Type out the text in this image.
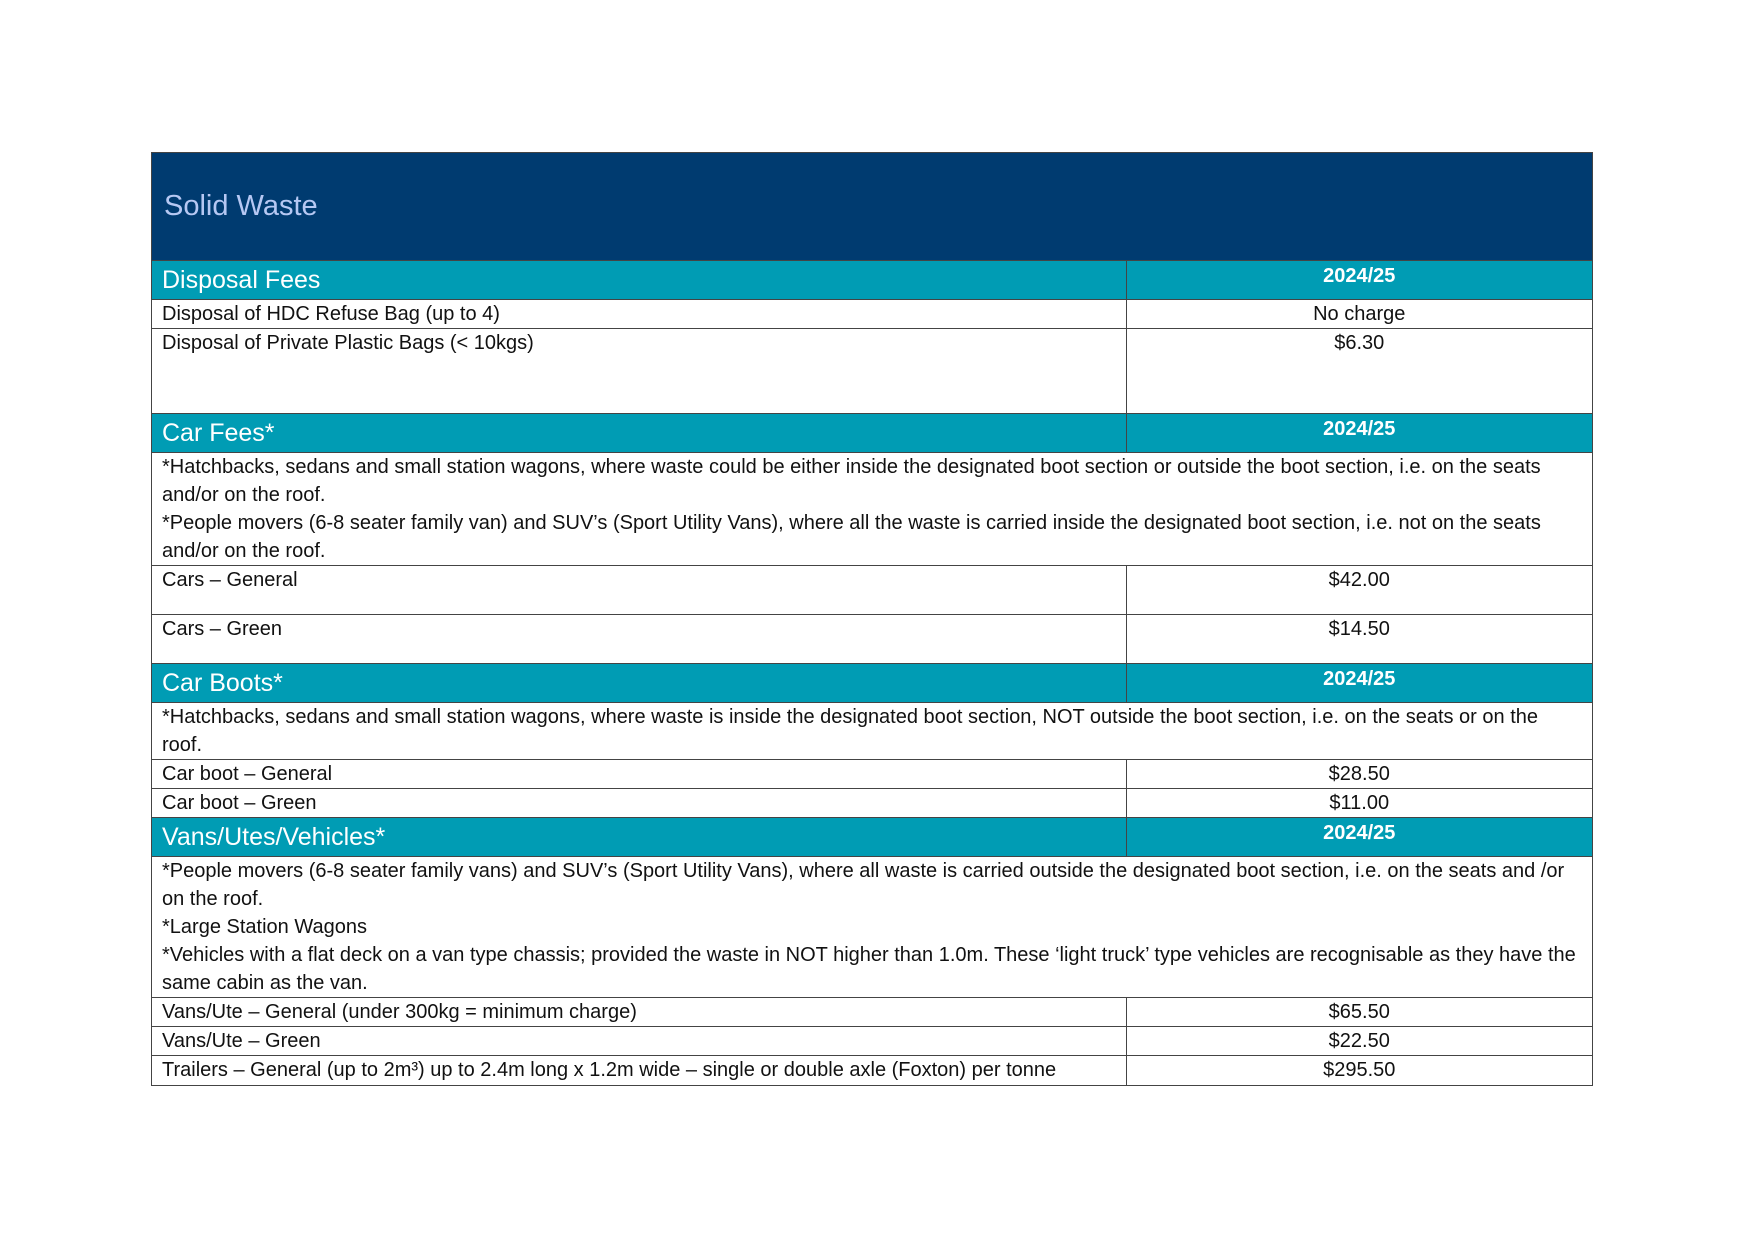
Solid Waste
Disposal Fees	2024/25
Disposal of HDC Refuse Bag (up to 4)	No charge
Disposal of Private Plastic Bags (< 10kgs)	$6.30
Car Fees*	2024/25

*Hatchbacks, sedans and small station wagons, where waste could be either inside the designated boot section or outside the boot section, i.e. on the seats and/or on the roof.

*People movers (6-8 seater family van) and SUV’s (Sport Utility Vans), where all the waste is carried inside the designated boot section, i.e. not on the seats and/or on the roof.	

Cars – General	$42.00
Cars – Green	$14.50
Car Boots*	2024/25

*Hatchbacks, sedans and small station wagons, where waste is inside the designated boot section, NOT outside the boot section, i.e. on the seats or on the roof.	

Car boot – General	$28.50
Car boot – Green	$11.00
Vans/Utes/Vehicles*	2024/25

*People movers (6-8 seater family vans) and SUV’s (Sport Utility Vans), where all waste is carried outside the designated boot section, i.e. on the seats and /or on the roof.

*Large Station Wagons

*Vehicles with a flat deck on a van type chassis; provided the waste in NOT higher than 1.0m. These ‘light truck’ type vehicles are recognisable as they have the same cabin as the van.	

Vans/Ute – General (under 300kg = minimum charge)	$65.50
Vans/Ute – Green	$22.50
Trailers – General (up to 2m³) up to 2.4m long x 1.2m wide – single or double axle (Foxton) per tonne	$295.50
